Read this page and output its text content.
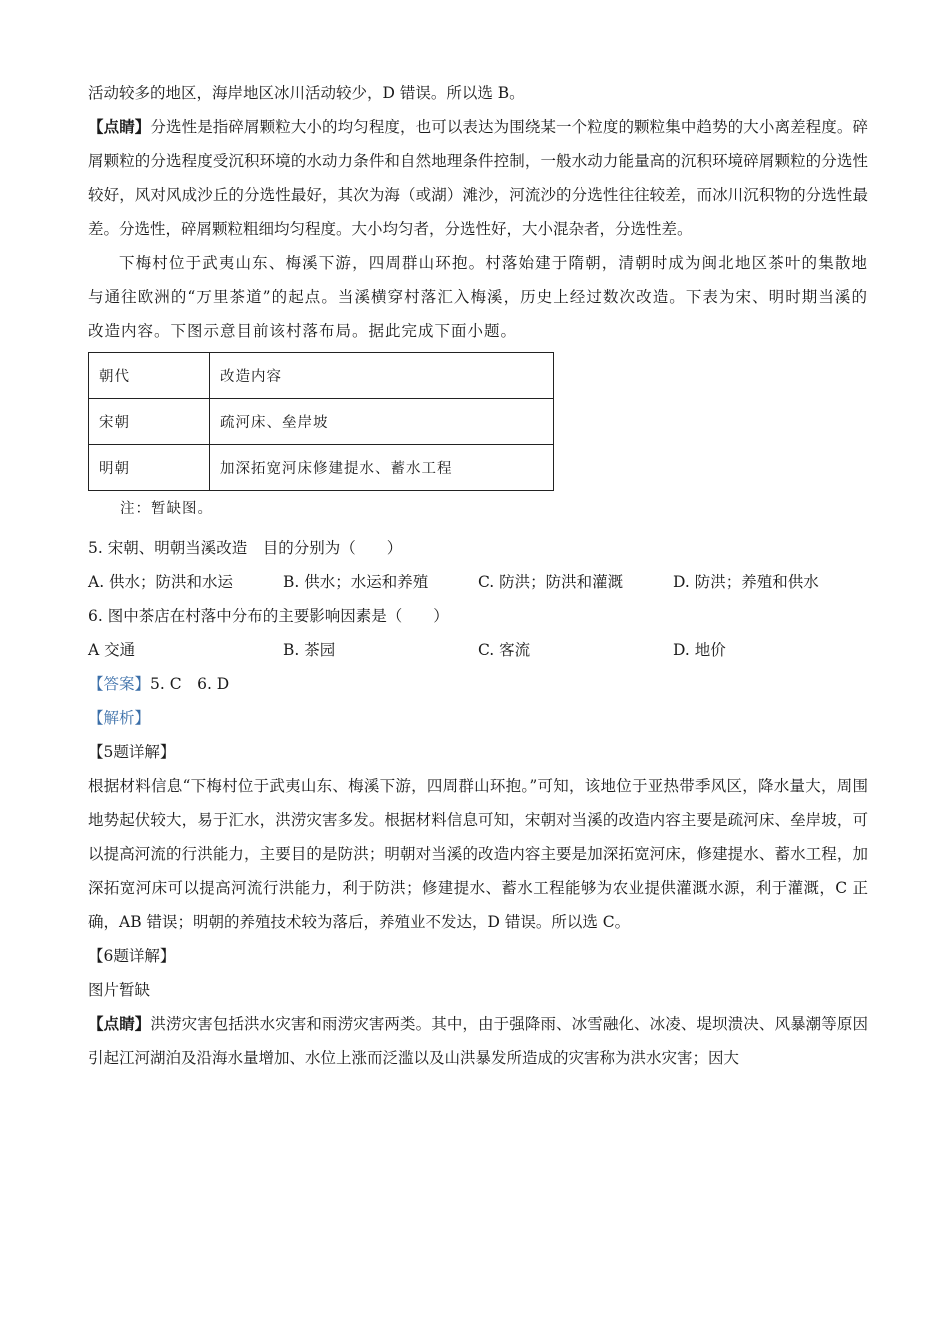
活动较多的地区，海岸地区冰川活动较少，D 错误。所以选 B。

【点睛】分选性是指碎屑颗粒大小的均匀程度，也可以表达为围绕某一个粒度的颗粒集中趋势的大小离差程度。碎屑颗粒的分选程度受沉积环境的水动力条件和自然地理条件控制，一般水动力能量高的沉积环境碎屑颗粒的分选性较好，风对风成沙丘的分选性最好，其次为海（或湖）滩沙，河流沙的分选性往往较差，而冰川沉积物的分选性最差。分选性，碎屑颗粒粗细均匀程度。大小均匀者，分选性好，大小混杂者，分选性差。

下梅村位于武夷山东、梅溪下游，四周群山环抱。村落始建于隋朝，清朝时成为闽北地区茶叶的集散地与通往欧洲的“万里茶道”的起点。当溪横穿村落汇入梅溪，历史上经过数次改造。下表为宋、明时期当溪的改造内容。下图示意目前该村落布局。据此完成下面小题。

朝代	改造内容
宋朝	疏河床、垒岸坡
明朝	加深拓宽河床修建提水、蓄水工程
注：暂缺图。

5. 宋朝、明朝当溪改造　目的分别为（　　）

A. 供水；防洪和水运	B. 供水；水运和养殖	C. 防洪；防洪和灌溉	D. 防洪；养殖和供水

6. 图中茶店在村落中分布的主要影响因素是（　　）

A 交通	B. 茶园	C. 客流	D. 地价

【答案】5. C　6. D

【解析】

【5题详解】

根据材料信息“下梅村位于武夷山东、梅溪下游，四周群山环抱。”可知，该地位于亚热带季风区，降水量大，周围地势起伏较大，易于汇水，洪涝灾害多发。根据材料信息可知，宋朝对当溪的改造内容主要是疏河床、垒岸坡，可以提高河流的行洪能力，主要目的是防洪；明朝对当溪的改造内容主要是加深拓宽河床，修建提水、蓄水工程，加深拓宽河床可以提高河流行洪能力，利于防洪；修建提水、蓄水工程能够为农业提供灌溉水源，利于灌溉，C 正确，AB 错误；明朝的养殖技术较为落后，养殖业不发达，D 错误。所以选 C。

【6题详解】

图片暂缺

【点睛】洪涝灾害包括洪水灾害和雨涝灾害两类。其中，由于强降雨、冰雪融化、冰凌、堤坝溃决、风暴潮等原因引起江河湖泊及沿海水量增加、水位上涨而泛滥以及山洪暴发所造成的灾害称为洪水灾害；因大
